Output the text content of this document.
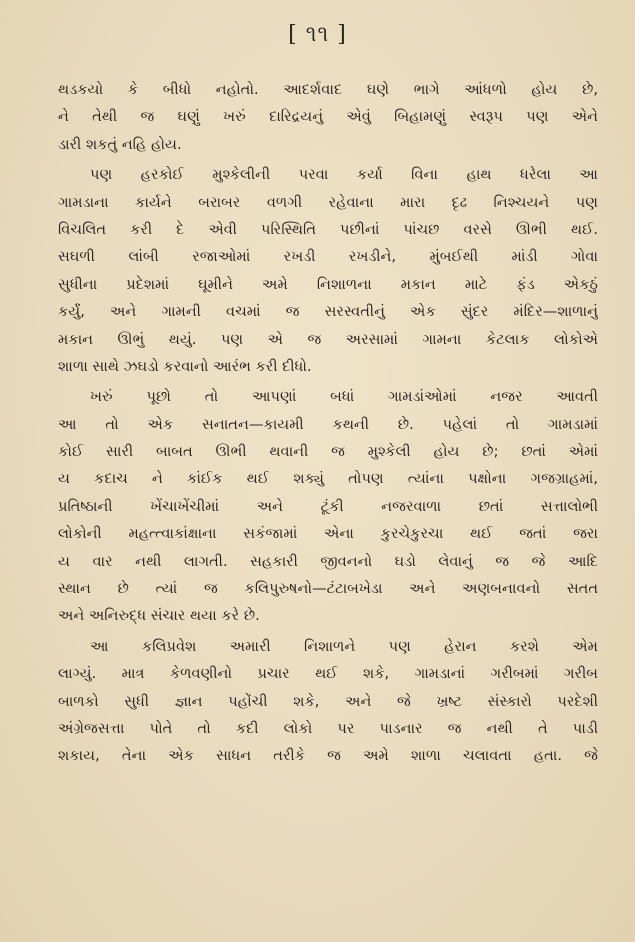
[ ૧૧ ]
થડકયો કે બીધો નહોતો. આદર્શવાદ ઘણે ભાગે આંધળો હોય છે,
ને તેથી જ ઘણું ખરું દારિદ્રયનું એવું બિહામણું સ્વરૂપ પણ એને
ડારી શકતું નહિ હોય.
પણ હરકોઈ મુશ્કેલીની પરવા કર્યા વિના હાથ ધરેલા આ
ગામડાના કાર્યને બરાબર વળગી રહેવાના મારા દૃઢ નિશ્ચયને પણ
વિચલિત કરી દે એવી પરિસ્થિતિ પછીનાં પાંચછ વરસે ઊભી થઈ.
સઘળી લાંબી રજાઓમાં રખડી રખડીને, મુંબઈથી માંડી ગોવા
સુધીના પ્રદેશમાં ઘૂમીને અમે નિશાળના મકાન માટે ફંડ એકઠું
કર્યું, અને ગામની વચમાં જ સરસ્વતીનું એક સુંદર મંદિર—શાળાનું
મકાન ઊભું થયું. પણ એ જ અરસામાં ગામના કેટલાક લોકોએ
શાળા સાથે ઝઘડો કરવાનો આરંભ કરી દીધો.
ખરું પૂછો તો આપણાં બધાં ગામડાંઓમાં નજર આવતી
આ તો એક સનાતન—કાયમી કથની છે. પહેલાં તો ગામડામાં
કોઈ સારી બાબત ઊભી થવાની જ મુશ્કેલી હોય છે; છતાં એમાં
ય કદાચ ને કાંઈક થઈ શક્યું તોપણ ત્યાંના પક્ષોના ગજગ્રાહમાં,
પ્રતિષ્ઠાની ખેંચાખેંચીમાં અને ટૂંકી નજરવાળા છતાં સત્તાલોભી
લોકોની મહત્ત્વાકાંક્ષાના સકંજામાં એના કુરચેકુરચા થઈ જતાં જરા
ય વાર નથી લાગતી. સહકારી જીવનનો ઘડો લેવાનું જ જે આદિ
સ્થાન છે ત્યાં જ કલિપુરુષનો—ટંટાબખેડા અને અણબનાવનો સતત
અને અનિરુદ્ધ સંચાર થયા કરે છે.
આ કલિપ્રવેશ અમારી નિશાળને પણ હેરાન કરશે એમ
લાગ્યું. માત્ર કેળવણીનો પ્રચાર થઈ શકે, ગામડાનાં ગરીબમાં ગરીબ
બાળકો સુધી જ્ઞાન પહોંચી શકે, અને જે ખ્રષ્ટ સંસ્કારો પરદેશી
અંગ્રેજસત્તા પોતે તો કદી લોકો પર પાડનાર જ નથી તે પાડી
શકાય, તેના એક સાધન તરીકે જ અમે શાળા ચલાવતા હતા. જે
